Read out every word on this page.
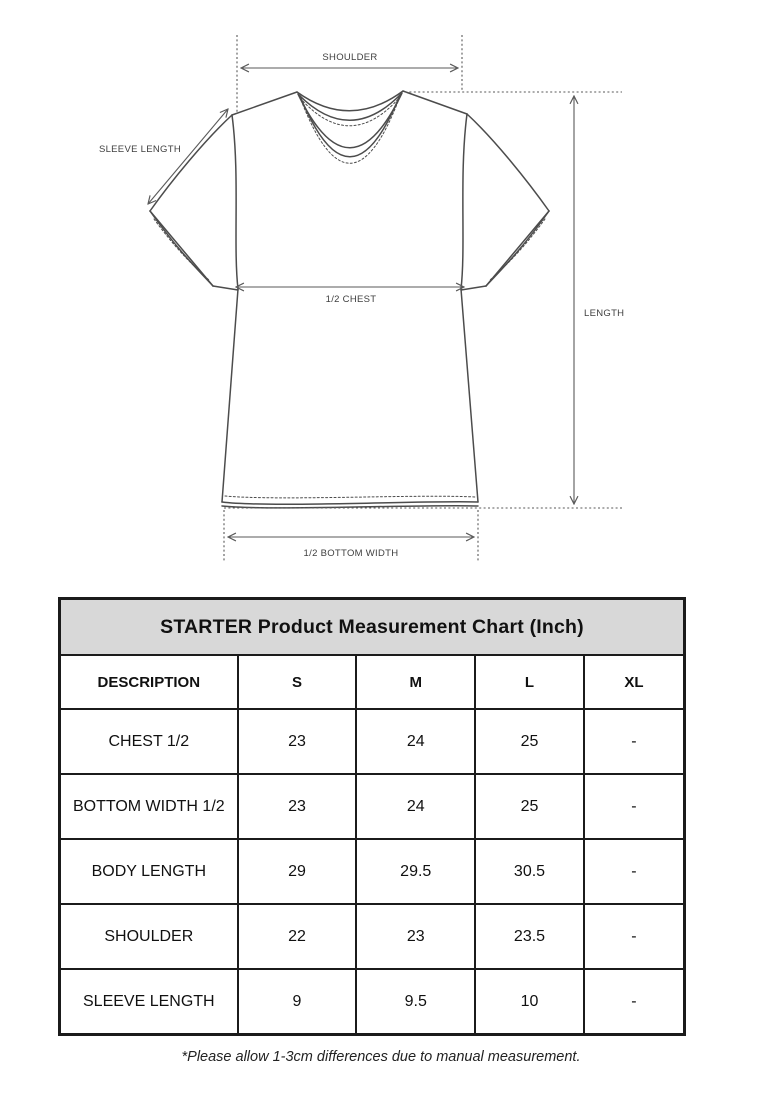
SHOULDER
SLEEVE LENGTH
1/2 CHEST
LENGTH
1/2 BOTTOM WIDTH
STARTER Product Measurement Chart (Inch)				
DESCRIPTION	S	M	L	XL
CHEST 1/2	23	24	25	-
BOTTOM WIDTH 1/2	23	24	25	-
BODY LENGTH	29	29.5	30.5	-
SHOULDER	22	23	23.5	-
SLEEVE LENGTH	9	9.5	10	-
*Please allow 1-3cm differences due to manual measurement.
